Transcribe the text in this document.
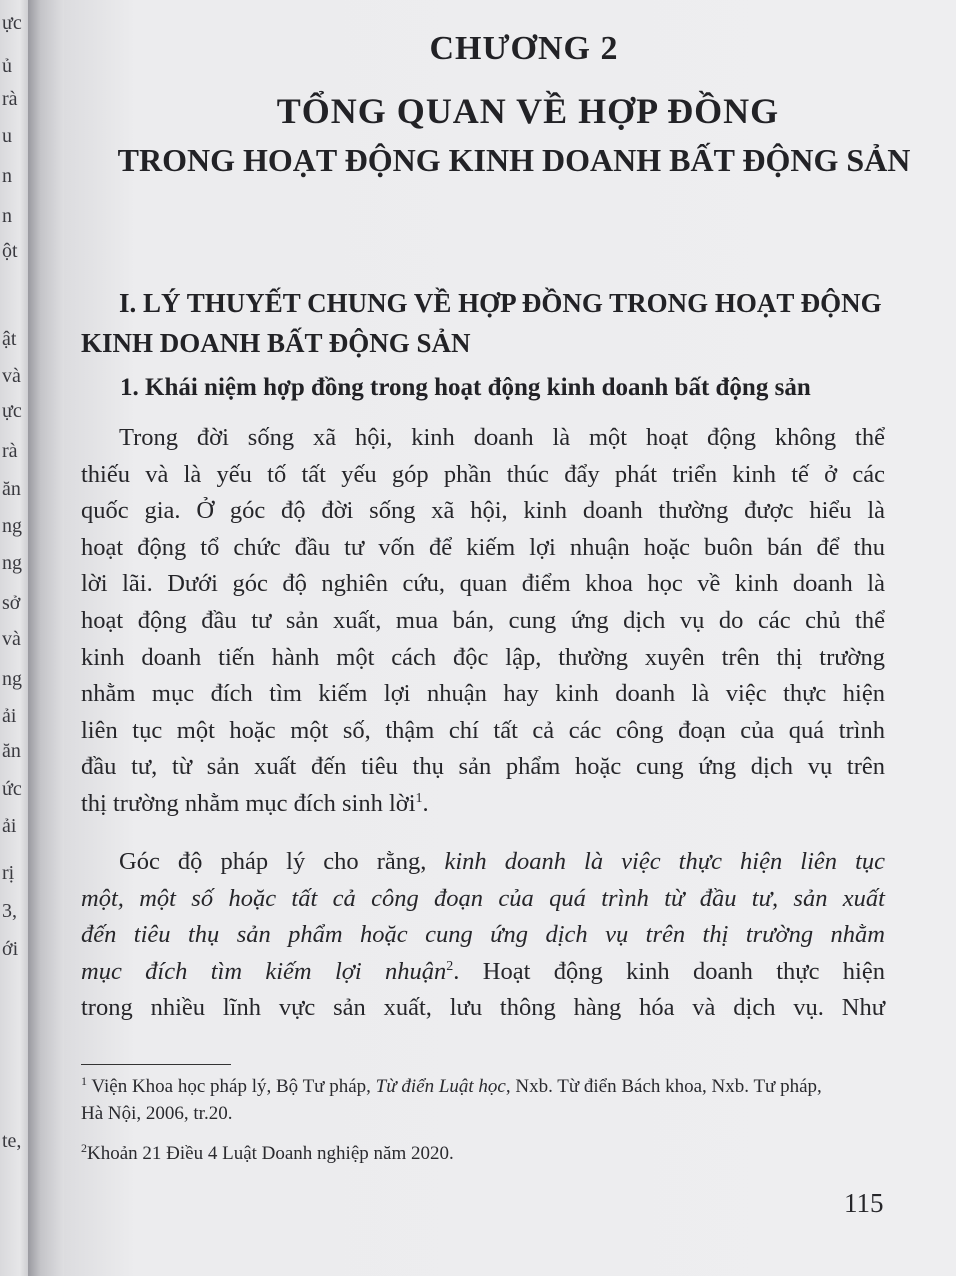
ực
ủ
rà
u
n
n
ột
ật
và
ực
rà
ăn
ng
ng
sở
và
ng
ải
ăn
ức
ải
rị
3,
ới
te,
CHƯƠNG 2
TỔNG QUAN VỀ HỢP ĐỒNG
TRONG HOẠT ĐỘNG KINH DOANH BẤT ĐỘNG SẢN
I. LÝ THUYẾT CHUNG VỀ HỢP ĐỒNG TRONG HOẠT ĐỘNG
KINH DOANH BẤT ĐỘNG SẢN
1. Khái niệm hợp đồng trong hoạt động kinh doanh bất động sản
Trong đời sống xã hội, kinh doanh là một hoạt động không thể
thiếu và là yếu tố tất yếu góp phần thúc đẩy phát triển kinh tế ở các
quốc gia. Ở góc độ đời sống xã hội, kinh doanh thường được hiểu là
hoạt động tổ chức đầu tư vốn để kiếm lợi nhuận hoặc buôn bán để thu
lời lãi. Dưới góc độ nghiên cứu, quan điểm khoa học về kinh doanh là
hoạt động đầu tư sản xuất, mua bán, cung ứng dịch vụ do các chủ thể
kinh doanh tiến hành một cách độc lập, thường xuyên trên thị trường
nhằm mục đích tìm kiếm lợi nhuận hay kinh doanh là việc thực hiện
liên tục một hoặc một số, thậm chí tất cả các công đoạn của quá trình
đầu tư, từ sản xuất đến tiêu thụ sản phẩm hoặc cung ứng dịch vụ trên
thị trường nhằm mục đích sinh lời$^1$.
Góc độ pháp lý cho rằng, kinh doanh là việc thực hiện liên tục
một, một số hoặc tất cả công đoạn của quá trình từ đầu tư, sản xuất
đến tiêu thụ sản phẩm hoặc cung ứng dịch vụ trên thị trường nhằm
mục đích tìm kiếm lợi nhuận$^2$. Hoạt động kinh doanh thực hiện
trong nhiều lĩnh vực sản xuất, lưu thông hàng hóa và dịch vụ. Như
$^1$ Viện Khoa học pháp lý, Bộ Tư pháp, Từ điển Luật học, Nxb. Từ điển Bách khoa, Nxb. Tư pháp,
Hà Nội, 2006, tr.20.
$^2$Khoản 21 Điều 4 Luật Doanh nghiệp năm 2020.
115
